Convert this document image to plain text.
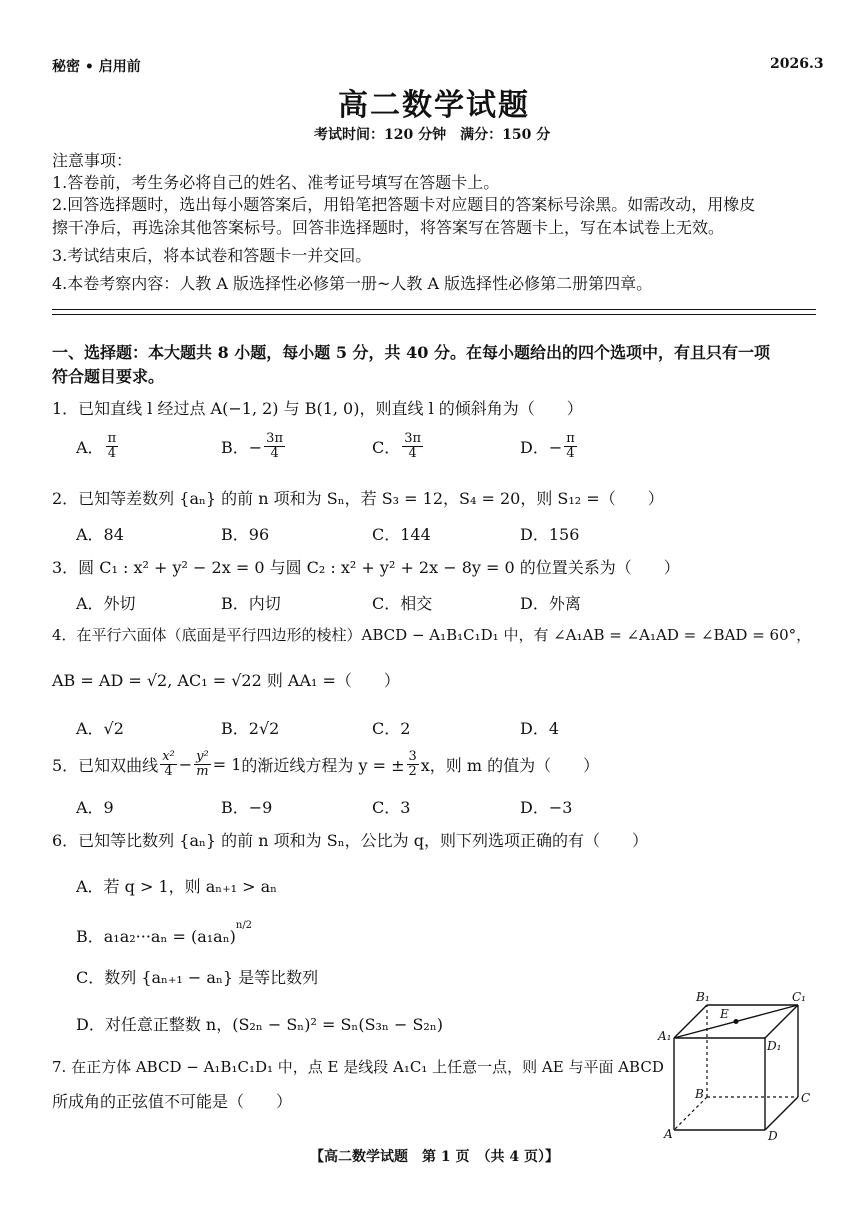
秘密 • 启用前	2026.3
高二数学试题
考试时间：120 分钟　满分：150 分
注意事项：
1.答卷前，考生务必将自己的姓名、准考证号填写在答题卡上。
2.回答选择题时，选出每小题答案后，用铅笔把答题卡对应题目的答案标号涂黑。如需改动，用橡皮
擦干净后，再选涂其他答案标号。回答非选择题时，将答案写在答题卡上，写在本试卷上无效。
3.考试结束后，将本试卷和答题卡一并交回。
4.本卷考察内容：人教 A 版选择性必修第一册~人教 A 版选择性必修第二册第四章。
一、选择题：本大题共 8 小题，每小题 5 分，共 40 分。在每小题给出的四个选项中，有且只有一项
符合题目要求。
1．已知直线 l 经过点 A(−1, 2) 与 B(1, 0)，则直线 l 的倾斜角为（　　）
A． $\frac{\pi}{4}$	B．− $\frac{3\pi}{4}$	C． $\frac{3\pi}{4}$	D．− $\frac{\pi}{4}$
2．已知等差数列 {aₙ} 的前 n 项和为 Sₙ，若 S₃ = 12，S₄ = 20，则 S₁₂ =（　　）
A．84	B．96	C．144	D．156
3．圆 C₁ : x² + y² − 2x = 0 与圆 C₂ : x² + y² + 2x − 8y = 0 的位置关系为（　　）
A．外切	B．内切	C．相交	D．外离
4．在平行六面体（底面是平行四边形的棱柱）ABCD − A₁B₁C₁D₁ 中，有 ∠A₁AB = ∠A₁AD = ∠BAD = 60°，
AB = AD = √2, AC₁ = √22 则 AA₁ =（　　）
A．√2	B．2√2	C．2	D．4
5．已知双曲线 $\frac{\text{x²}}{4} - \frac{\text{y²}}{m} = 1$的渐近线方程为 y = ± $\frac{3}{2}$ x，则 m 的值为（　　）
A．9	B．−9	C．3	D．−3
6．已知等比数列 {aₙ} 的前 n 项和为 Sₙ，公比为 q，则下列选项正确的有（　　）
A．若 q > 1，则 aₙ₊₁ > aₙ
B．$a_1a_2\cdot\cdot\cdot a_n = (a_1a_n)^{n/2}$
C．数列 {aₙ₊₁ − aₙ} 是等比数列
D．对任意正整数 n，(S₂ₙ − Sₙ)² = Sₙ(S₃ₙ − S₂ₙ)
7. 在正方体 ABCD − A₁B₁C₁D₁ 中，点 E 是线段 A₁C₁ 上任意一点，则 AE 与平面 ABCD
所成角的正弦值不可能是（　　）
B₁	C₁
E
A₁
D₁
B	C
A	D
【高二数学试题　第 1 页　（共 4 页）】
